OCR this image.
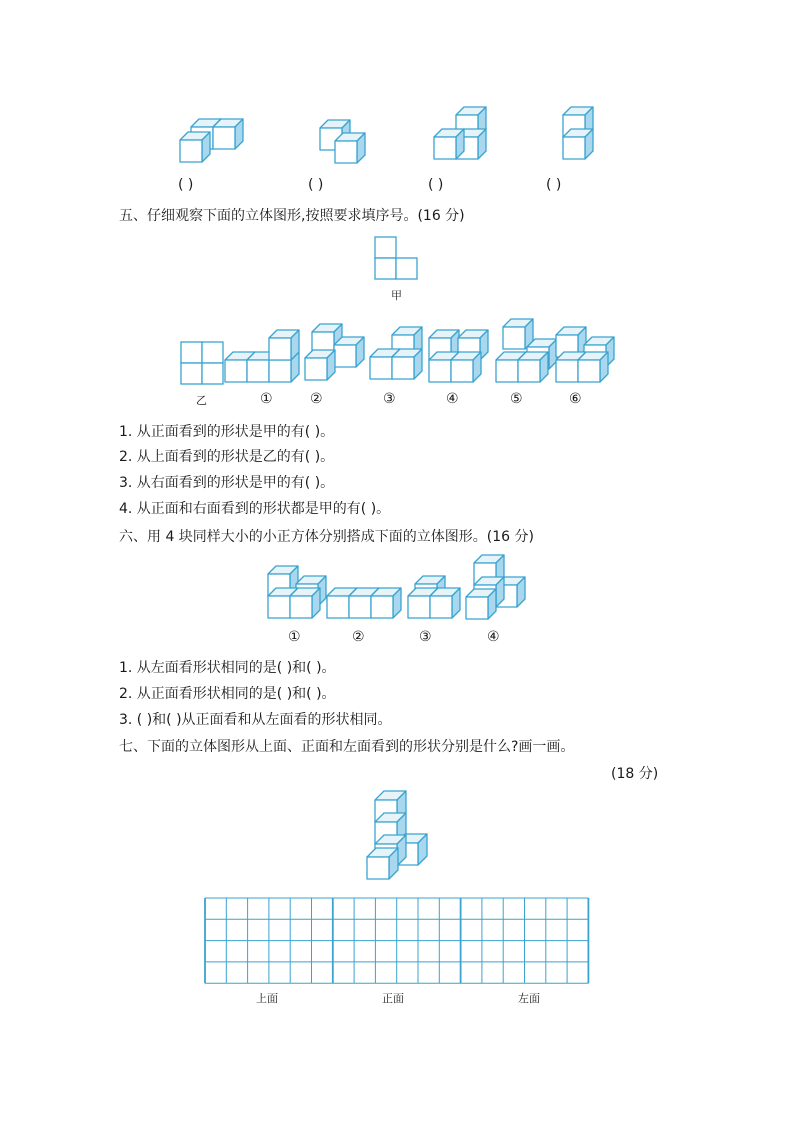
( )	( )	( )	( )
五、仔细观察下面的立体图形,按照要求填序号。(16 分)
甲
乙	①	②	③	④	⑤	⑥
1. 从正面看到的形状是甲的有( )。
2. 从上面看到的形状是乙的有( )。
3. 从右面看到的形状是甲的有( )。
4. 从正面和右面看到的形状都是甲的有( )。
六、用 4 块同样大小的小正方体分别搭成下面的立体图形。(16 分)
①	②	③	④
1. 从左面看形状相同的是( )和( )。
2. 从正面看形状相同的是( )和( )。
3. ( )和( )从正面看和从左面看的形状相同。
七、下面的立体图形从上面、正面和左面看到的形状分别是什么?画一画。
(18 分)
上面	正面	左面
